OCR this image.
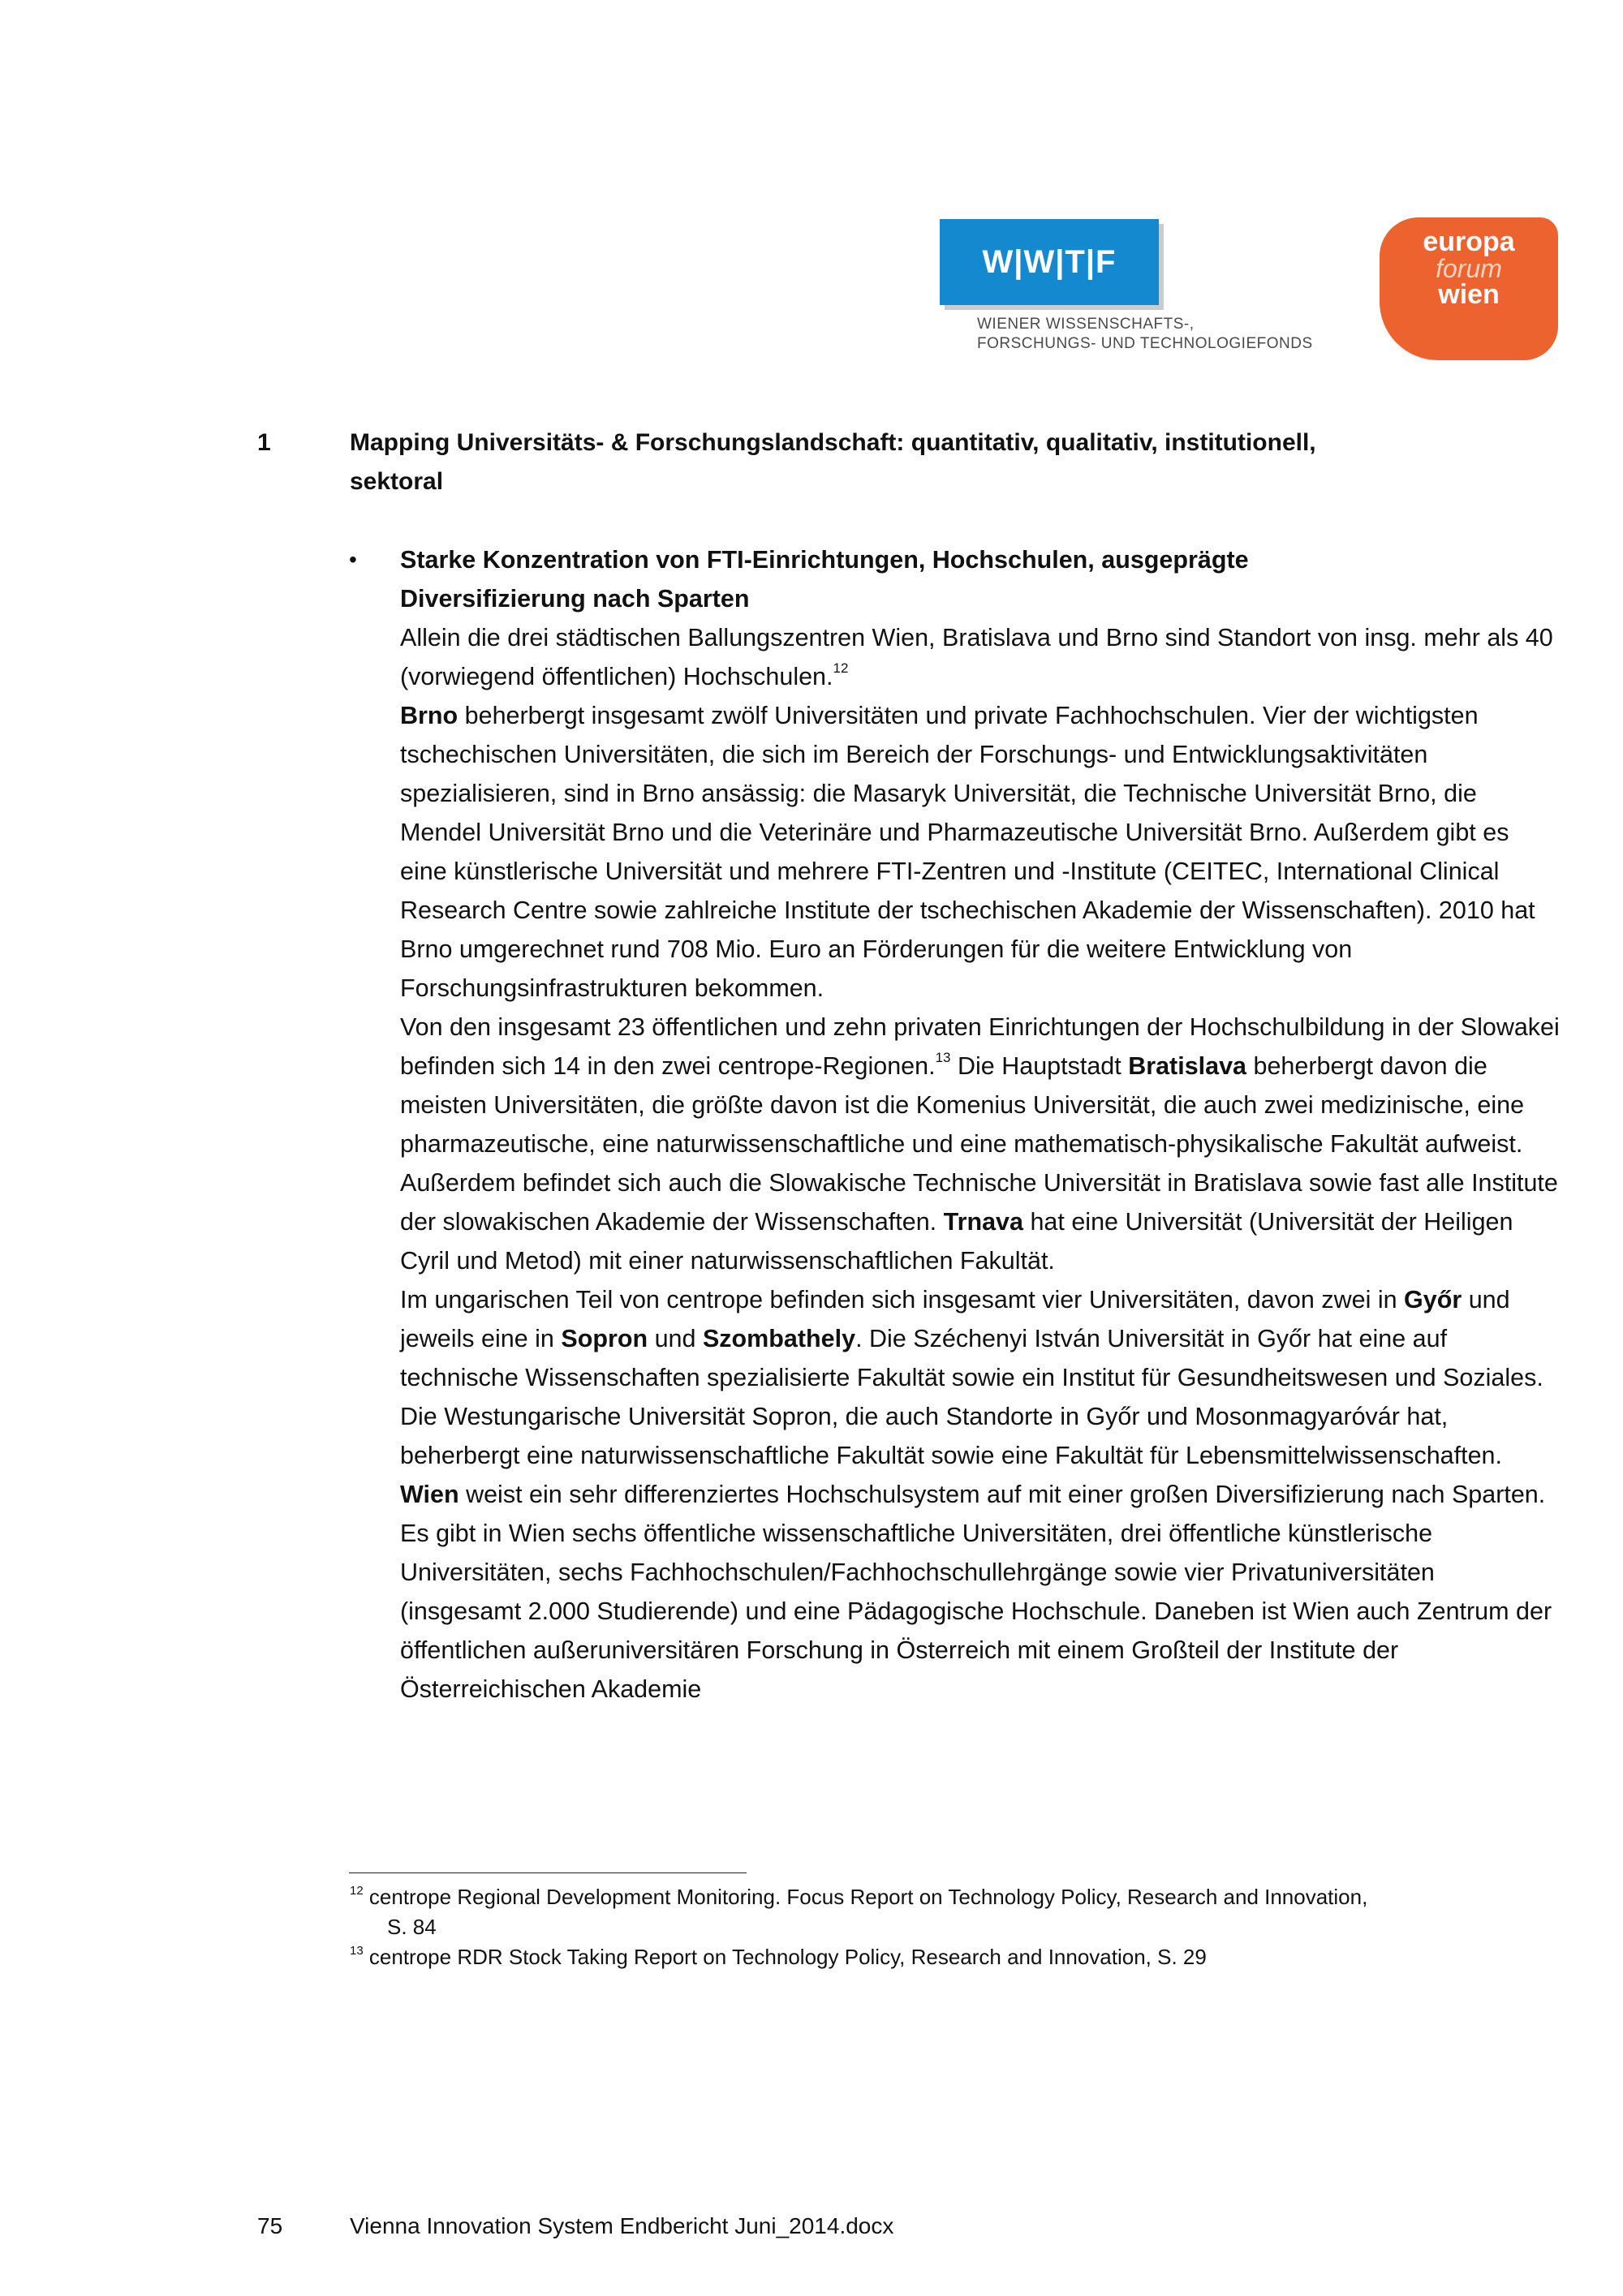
W|W|T|F
WIENER WISSENSCHAFTS-,
FORSCHUNGS- UND TECHNOLOGIEFONDS
europa
forum
wien
1	Mapping Universitäts- & Forschungslandschaft: quantitativ, qualitativ, institutionell,
sektoral
• Starke Konzentration von FTI-Einrichtungen, Hochschulen, ausgeprägte
Diversifizierung nach Sparten

Allein die drei städtischen Ballungszentren Wien, Bratislava und Brno sind Standort von insg. mehr als 40 (vorwiegend öffentlichen) Hochschulen.$^{12}$

Brno beherbergt insgesamt zwölf Universitäten und private Fachhochschulen. Vier der wichtigsten tschechischen Universitäten, die sich im Bereich der Forschungs- und Entwicklungsaktivitäten spezialisieren, sind in Brno ansässig: die Masaryk Universität, die Technische Universität Brno, die Mendel Universität Brno und die Veterinäre und Pharmazeutische Universität Brno. Außerdem gibt es eine künstlerische Universität und mehrere FTI-Zentren und -Institute (CEITEC, International Clinical Research Centre sowie zahlreiche Institute der tschechischen Akademie der Wissenschaften). 2010 hat Brno umgerechnet rund 708 Mio. Euro an Förderungen für die weitere Entwicklung von Forschungsinfrastrukturen bekommen.

Von den insgesamt 23 öffentlichen und zehn privaten Einrichtungen der Hochschulbildung in der Slowakei befinden sich 14 in den zwei centrope-Regionen.$^{13}$ Die Hauptstadt Bratislava beherbergt davon die meisten Universitäten, die größte davon ist die Komenius Universität, die auch zwei medizinische, eine pharmazeutische, eine naturwissenschaftliche und eine mathematisch-physikalische Fakultät aufweist. Außerdem befindet sich auch die Slowakische Technische Universität in Bratislava sowie fast alle Institute der slowakischen Akademie der Wissenschaften. Trnava hat eine Universität (Universität der Heiligen Cyril und Metod) mit einer naturwissenschaftlichen Fakultät.

Im ungarischen Teil von centrope befinden sich insgesamt vier Universitäten, davon zwei in Győr und jeweils eine in Sopron und Szombathely. Die Széchenyi István Universität in Győr hat eine auf technische Wissenschaften spezialisierte Fakultät sowie ein Institut für Gesundheitswesen und Soziales. Die Westungarische Universität Sopron, die auch Standorte in Győr und Mosonmagyaróvár hat, beherbergt eine naturwissenschaftliche Fakultät sowie eine Fakultät für Lebensmittelwissenschaften.

Wien weist ein sehr differenziertes Hochschulsystem auf mit einer großen Diversifizierung nach Sparten. Es gibt in Wien sechs öffentliche wissenschaftliche Universitäten, drei öffentliche künstlerische Universitäten, sechs Fachhochschulen/Fachhochschullehrgänge sowie vier Privatuniversitäten (insgesamt 2.000 Studierende) und eine Pädagogische Hochschule. Daneben ist Wien auch Zentrum der öffentlichen außeruniversitären Forschung in Österreich mit einem Großteil der Institute der Österreichischen Akademie

$^{12}$ centrope Regional Development Monitoring. Focus Report on Technology Policy, Research and Innovation,
S. 84
$^{13}$ centrope RDR Stock Taking Report on Technology Policy, Research and Innovation, S. 29
75	Vienna Innovation System Endbericht Juni_2014.docx
